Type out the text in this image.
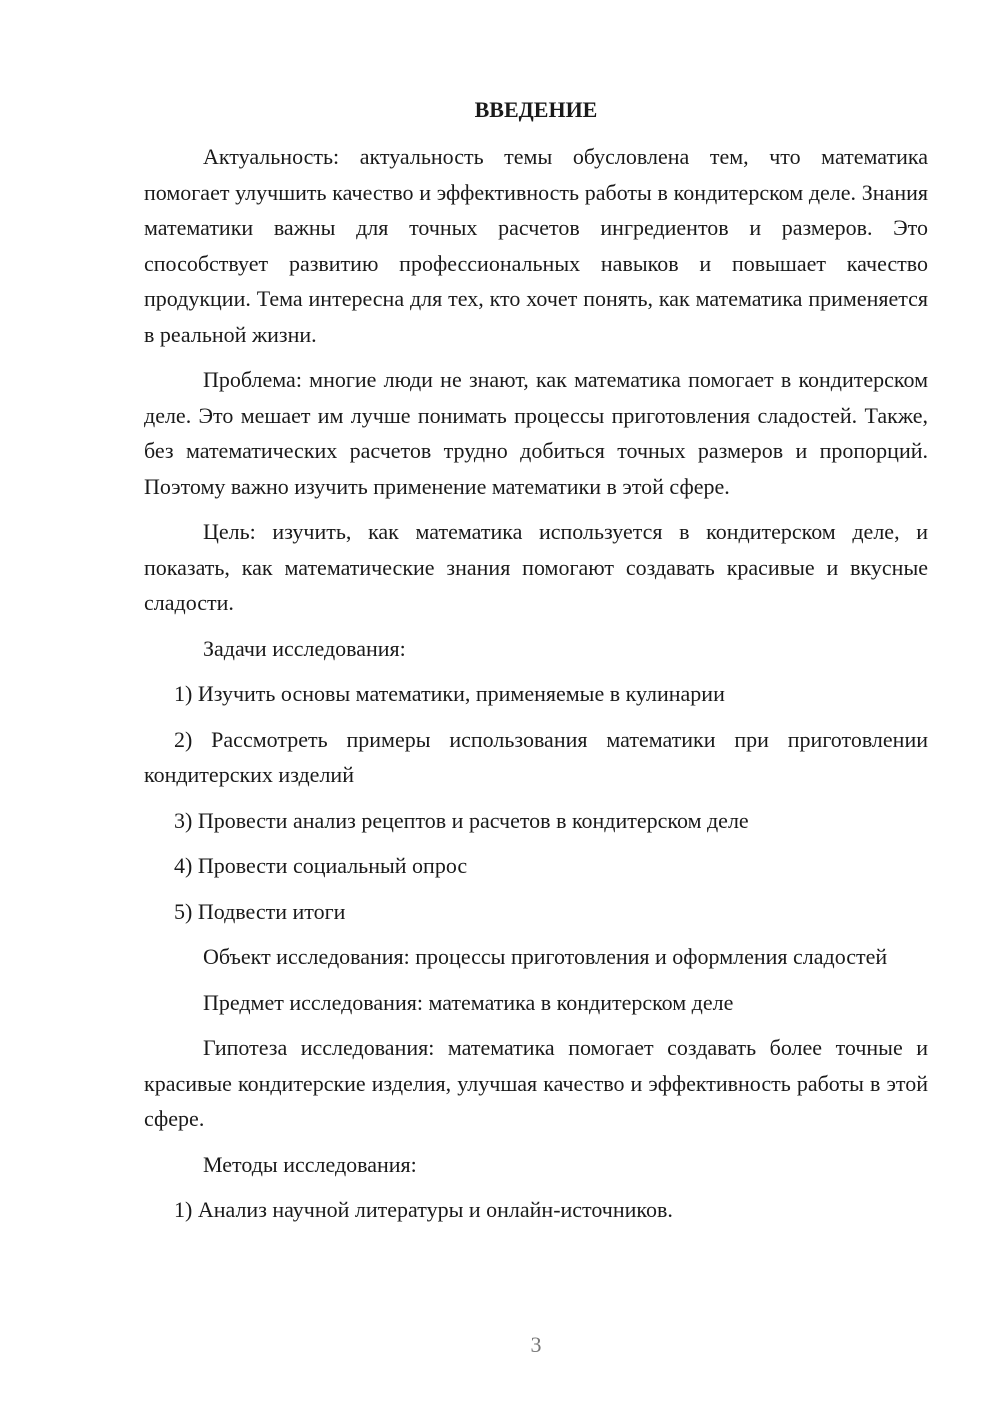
ВВЕДЕНИЕ

Актуальность: актуальность темы обусловлена тем, что математика помогает улучшить качество и эффективность работы в кондитерском деле. Знания математики важны для точных расчетов ингредиентов и размеров. Это способствует развитию профессиональных навыков и повышает качество продукции. Тема интересна для тех, кто хочет понять, как математика применяется в реальной жизни.

Проблема: многие люди не знают, как математика помогает в кондитерском деле. Это мешает им лучше понимать процессы приготовления сладостей. Также, без математических расчетов трудно добиться точных размеров и пропорций. Поэтому важно изучить применение математики в этой сфере.

Цель: изучить, как математика используется в кондитерском деле, и показать, как математические знания помогают создавать красивые и вкусные сладости.

Задачи исследования:

1) Изучить основы математики, применяемые в кулинарии

2) Рассмотреть примеры использования математики при приготовлении кондитерских изделий

3) Провести анализ рецептов и расчетов в кондитерском деле

4) Провести социальный опрос

5) Подвести итоги

Объект исследования: процессы приготовления и оформления сладостей

Предмет исследования: математика в кондитерском деле

Гипотеза исследования: математика помогает создавать более точные и красивые кондитерские изделия, улучшая качество и эффективность работы в этой сфере.

Методы исследования:

1) Анализ научной литературы и онлайн-источников.

3
